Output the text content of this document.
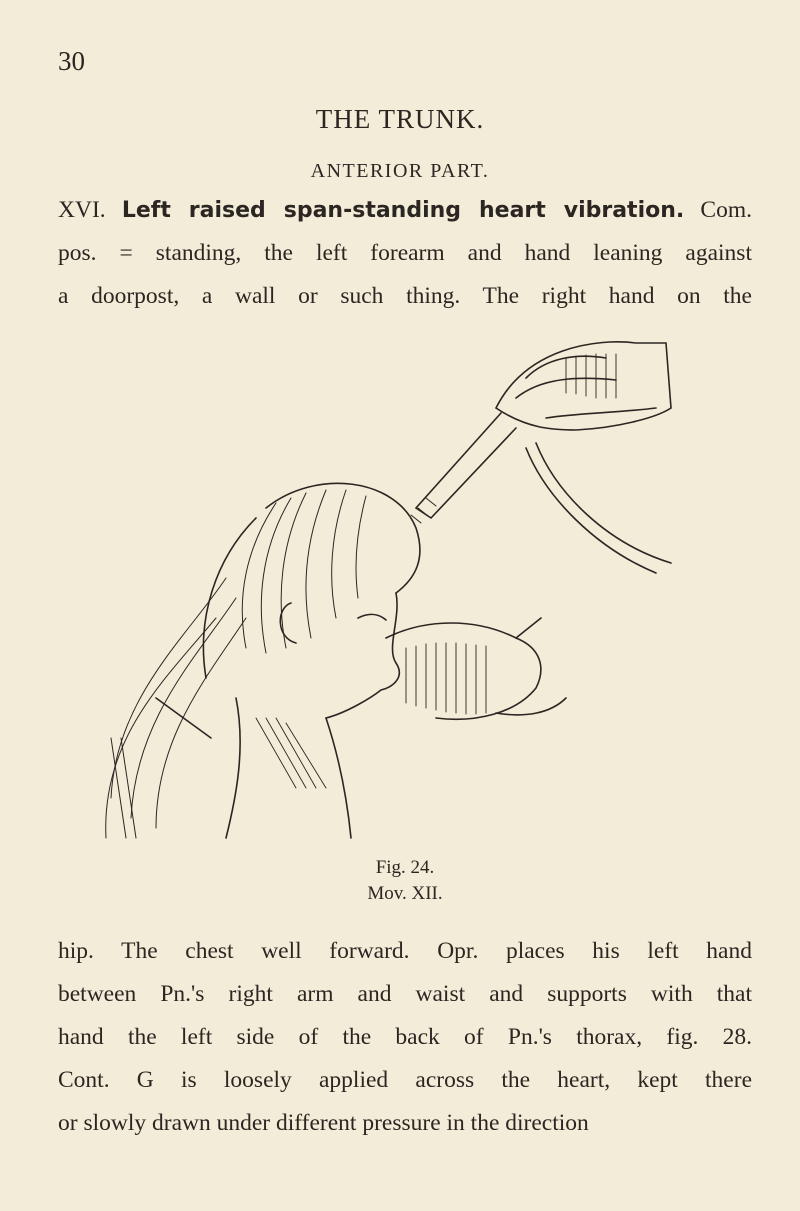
30
THE TRUNK.
ANTERIOR PART.
XVI. Left raised span-standing heart vibration. Com.
pos. = standing, the left forearm and hand leaning against
a doorpost, a wall or such thing. The right hand on the
Fig. 24.
Mov. XII.
hip. The chest well forward. Opr. places his left hand
between Pn.'s right arm and waist and supports with that
hand the left side of the back of Pn.'s thorax, fig. 28.
Cont. G is loosely applied across the heart, kept there
or slowly drawn under different pressure in the direction
